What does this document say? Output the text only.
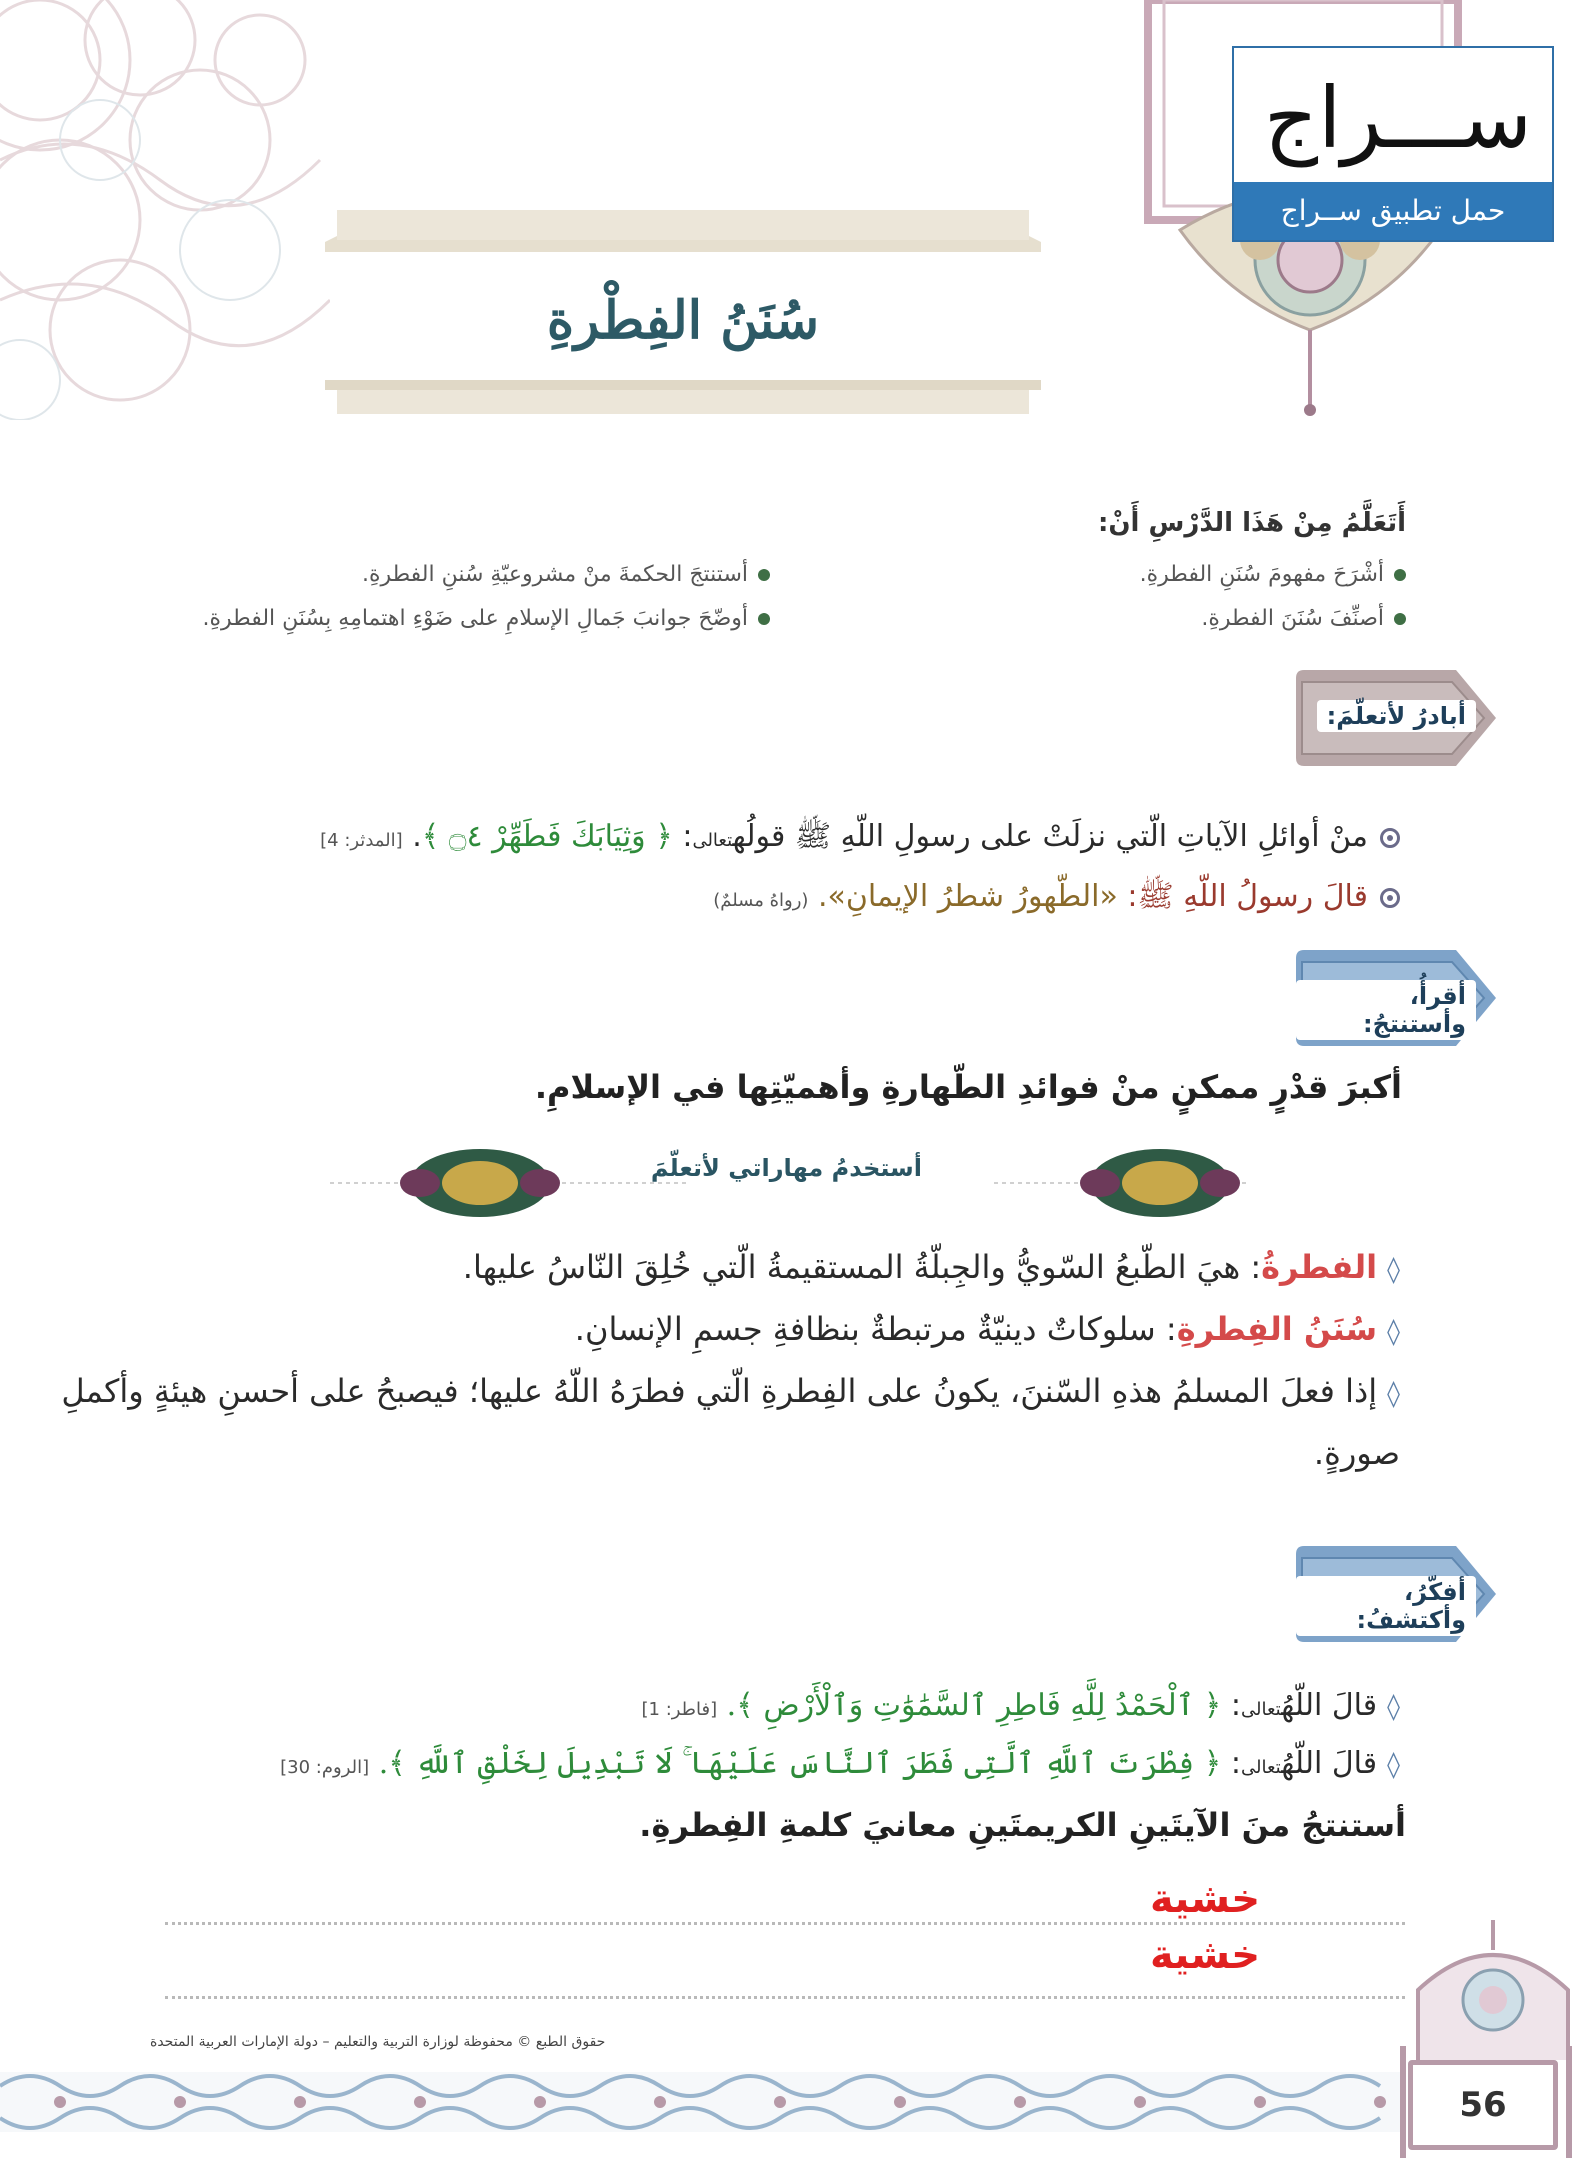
ســـراج
حمل تطبيق ســراج
سُنَنُ الفِطْرةِ
أَتَعَلَّمُ مِنْ هَذَا الدَّرْسِ أَنْ:
أشْرَحَ مفهومَ سُنَنِ الفطرةِ.
أصنِّفَ سُنَنَ الفطرةِ.
أستنتجَ الحكمةَ منْ مشروعيّةِ سُننِ الفطرةِ.
أوضّحَ جوانبَ جَمالِ الإسلامِ على ضَوْءِ اهتمامِهِ بِسُنَنِ الفطرةِ.
أبادرُ لأتعلّمَ:
منْ أوائلِ الآياتِ الّتي نزلَتْ على رسولِ اللّهِ ﷺ قولُهتعالى: ﴿ وَثِيَابَكَ فَطَهِّرْ ۝٤ ﴾. [المدثر: 4]
قالَ رسولُ اللّهِ ﷺ: «الطّهورُ شطرُ الإيمانِ». (رواهُ مسلمٌ)
أقرأُ، وأستنتجُ:
أكبرَ قدْرٍ ممكنٍ منْ فوائدِ الطّهارةِ وأهميّتِها في الإسلامِ.
أستخدمُ مهاراتي لأتعلّمَ
◊الفطرةُ: هيَ الطّبعُ السّويُّ والجِبلّةُ المستقيمةُ الّتي خُلِقَ النّاسُ عليها.
◊سُنَنُ الفِطرةِ: سلوكاتٌ دينيّةٌ مرتبطةٌ بنظافةِ جسمِ الإنسانِ.
◊إذا فعلَ المسلمُ هذهِ السّننَ، يكونُ على الفِطرةِ الّتي فطرَهُ اللّهُ عليها؛ فيصبحُ على أحسنِ هيئةٍ وأكملِ
صورةٍ.
أفكّرُ، وأكتشفُ:
◊قالَ اللّهُتعالى: ﴿ ٱلْحَمْدُ لِلَّهِ فَاطِرِ ٱلسَّمَٰوَٰتِ وَٱلْأَرْضِ ﴾. [فاطر: 1]
◊قالَ اللّهُتعالى: ﴿ فِطْرَتَ ٱللَّهِ ٱلَّتِى فَطَرَ ٱلنَّاسَ عَلَيْهَا ۚ لَا تَبْدِيلَ لِخَلْقِ ٱللَّهِ ﴾. [الروم: 30]
أستنتجُ منَ الآيتَينِ الكريمتَينِ معانيَ كلمةِ الفِطرةِ.
خشية
خشية
حقوق الطبع © محفوظة لوزارة التربية والتعليم – دولة الإمارات العربية المتحدة
56
